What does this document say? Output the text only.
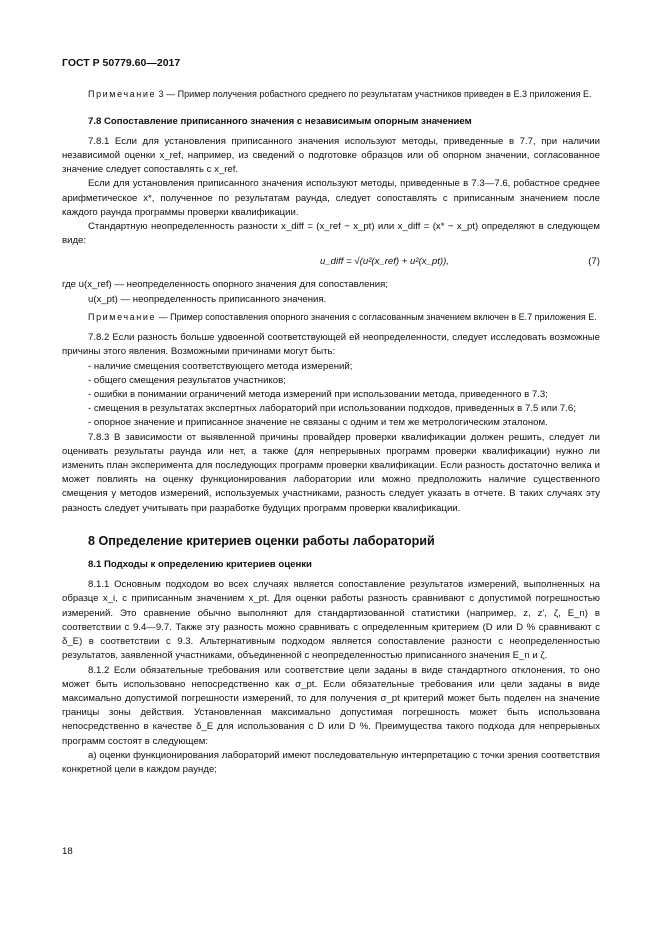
ГОСТ Р 50779.60—2017

Примечание 3 — Пример получения робастного среднего по результатам участников приведен в Е.3 приложения Е.

7.8 Сопоставление приписанного значения с независимым опорным значением

7.8.1 Если для установления приписанного значения используют методы, приведенные в 7.7, при наличии независимой оценки x_ref, например, из сведений о подготовке образцов или об опорном значении, согласованное значение следует сопоставлять с x_ref.

Если для установления приписанного значения используют методы, приведенные в 7.3—7.6, робастное среднее арифметическое x*, полученное по результатам раунда, следует сопоставлять с приписанным значением после каждого раунда программы проверки квалификации.

Стандартную неопределенность разности x_diff = (x_ref − x_pt) или x_diff = (x* − x_pt) определяют в следующем виде:

u_diff = √(u²(x_ref) + u²(x_pt)),	(7)

где u(x_ref) — неопределенность опорного значения для сопоставления;

u(x_pt) — неопределенность приписанного значения.

Примечание — Пример сопоставления опорного значения с согласованным значением включен в Е.7 приложения Е.

7.8.2 Если разность больше удвоенной соответствующей ей неопределенности, следует исследовать возможные причины этого явления. Возможными причинами могут быть:

- наличие смещения соответствующего метода измерений;

- общего смещения результатов участников;

- ошибки в понимании ограничений метода измерений при использовании метода, приведенного в 7.3;

- смещения в результатах экспертных лабораторий при использовании подходов, приведенных в 7.5 или 7.6;

- опорное значение и приписанное значение не связаны с одним и тем же метрологическим эталоном.

7.8.3 В зависимости от выявленной причины провайдер проверки квалификации должен решить, следует ли оценивать результаты раунда или нет, а также (для непрерывных программ проверки квалификации) нужно ли изменить план эксперимента для последующих программ проверки квалификации. Если разность достаточно велика и может повлиять на оценку функционирования лаборатории или можно предположить наличие существенного смещения у методов измерений, используемых участниками, разность следует указать в отчете. В таких случаях эту разность следует учитывать при разработке будущих программ проверки квалификации.

8 Определение критериев оценки работы лабораторий

8.1 Подходы к определению критериев оценки

8.1.1 Основным подходом во всех случаях является сопоставление результатов измерений, выполненных на образце x_i, с приписанным значением x_pt. Для оценки работы разность сравнивают с допустимой погрешностью измерений. Это сравнение обычно выполняют для стандартизованной статистики (например, z, z', ζ, E_n) в соответствии с 9.4—9.7. Также эту разность можно сравнивать с определенным критерием (D или D % сравнивают с δ_E) в соответствии с 9.3. Альтернативным подходом является сопоставление разности с неопределенностью результатов, заявленной участниками, объединенной с неопределенностью приписанного значения E_n и ζ.

8.1.2 Если обязательные требования или соответствие цели заданы в виде стандартного отклонения, то оно может быть использовано непосредственно как σ_pt. Если обязательные требования или цели заданы в виде максимально допустимой погрешности измерений, то для получения σ_pt критерий может быть поделен на значение границы зоны действия. Установленная максимально допустимая погрешность может быть использована непосредственно в качестве δ_E для использования с D или D %. Преимущества такого подхода для непрерывных программ состоят в следующем:

а) оценки функционирования лабораторий имеют последовательную интерпретацию с точки зрения соответствия конкретной цели в каждом раунде;

18
